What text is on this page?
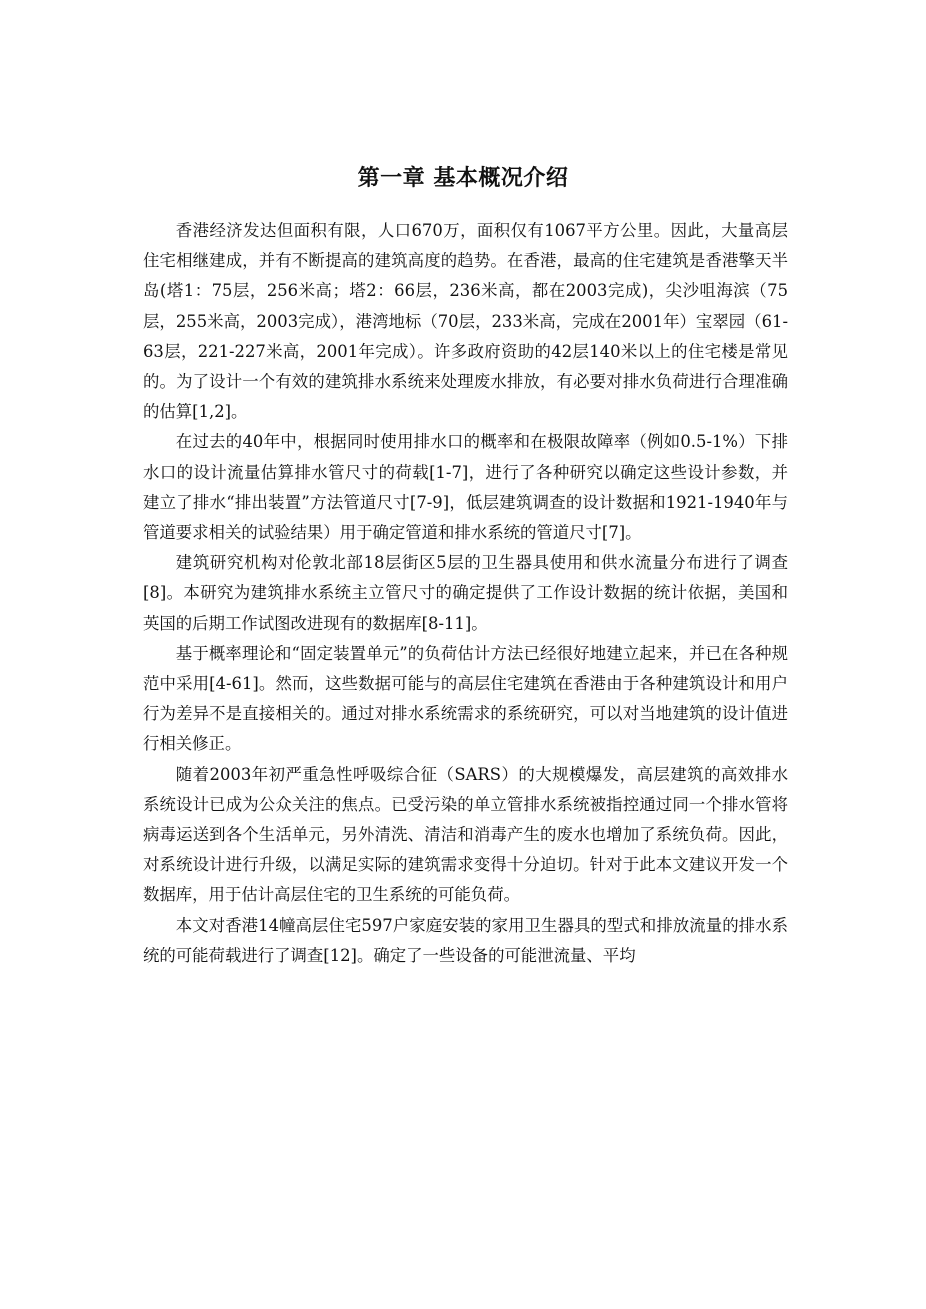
第一章 基本概况介绍

香港经济发达但面积有限，人口670万，面积仅有1067平方公里。因此，大量高层住宅相继建成，并有不断提高的建筑高度的趋势。在香港，最高的住宅建筑是香港擎天半岛(塔1：75层，256米高；塔2：66层，236米高，都在2003完成)，尖沙咀海滨（75层，255米高，2003完成），港湾地标（70层，233米高，完成在2001年）宝翠园（61-63层，221-227米高，2001年完成）。许多政府资助的42层140米以上的住宅楼是常见的。为了设计一个有效的建筑排水系统来处理废水排放，有必要对排水负荷进行合理准确的估算[1,2]。

在过去的40年中，根据同时使用排水口的概率和在极限故障率（例如0.5-1%）下排水口的设计流量估算排水管尺寸的荷载[1-7]，进行了各种研究以确定这些设计参数，并建立了排水“排出装置”方法管道尺寸[7-9]，低层建筑调查的设计数据和1921-1940年与管道要求相关的试验结果）用于确定管道和排水系统的管道尺寸[7]。

建筑研究机构对伦敦北部18层街区5层的卫生器具使用和供水流量分布进行了调查[8]。本研究为建筑排水系统主立管尺寸的确定提供了工作设计数据的统计依据，美国和英国的后期工作试图改进现有的数据库[8-11]。

基于概率理论和“固定装置单元”的负荷估计方法已经很好地建立起来，并已在各种规范中采用[4-61]。然而，这些数据可能与的高层住宅建筑在香港由于各种建筑设计和用户行为差异不是直接相关的。通过对排水系统需求的系统研究，可以对当地建筑的设计值进行相关修正。

随着2003年初严重急性呼吸综合征（SARS）的大规模爆发，高层建筑的高效排水系统设计已成为公众关注的焦点。已受污染的单立管排水系统被指控通过同一个排水管将病毒运送到各个生活单元，另外清洗、清洁和消毒产生的废水也增加了系统负荷。因此，对系统设计进行升级，以满足实际的建筑需求变得十分迫切。针对于此本文建议开发一个数据库，用于估计高层住宅的卫生系统的可能负荷。

本文对香港14幢高层住宅597户家庭安装的家用卫生器具的型式和排放流量的排水系统的可能荷载进行了调查[12]。确定了一些设备的可能泄流量、平均
